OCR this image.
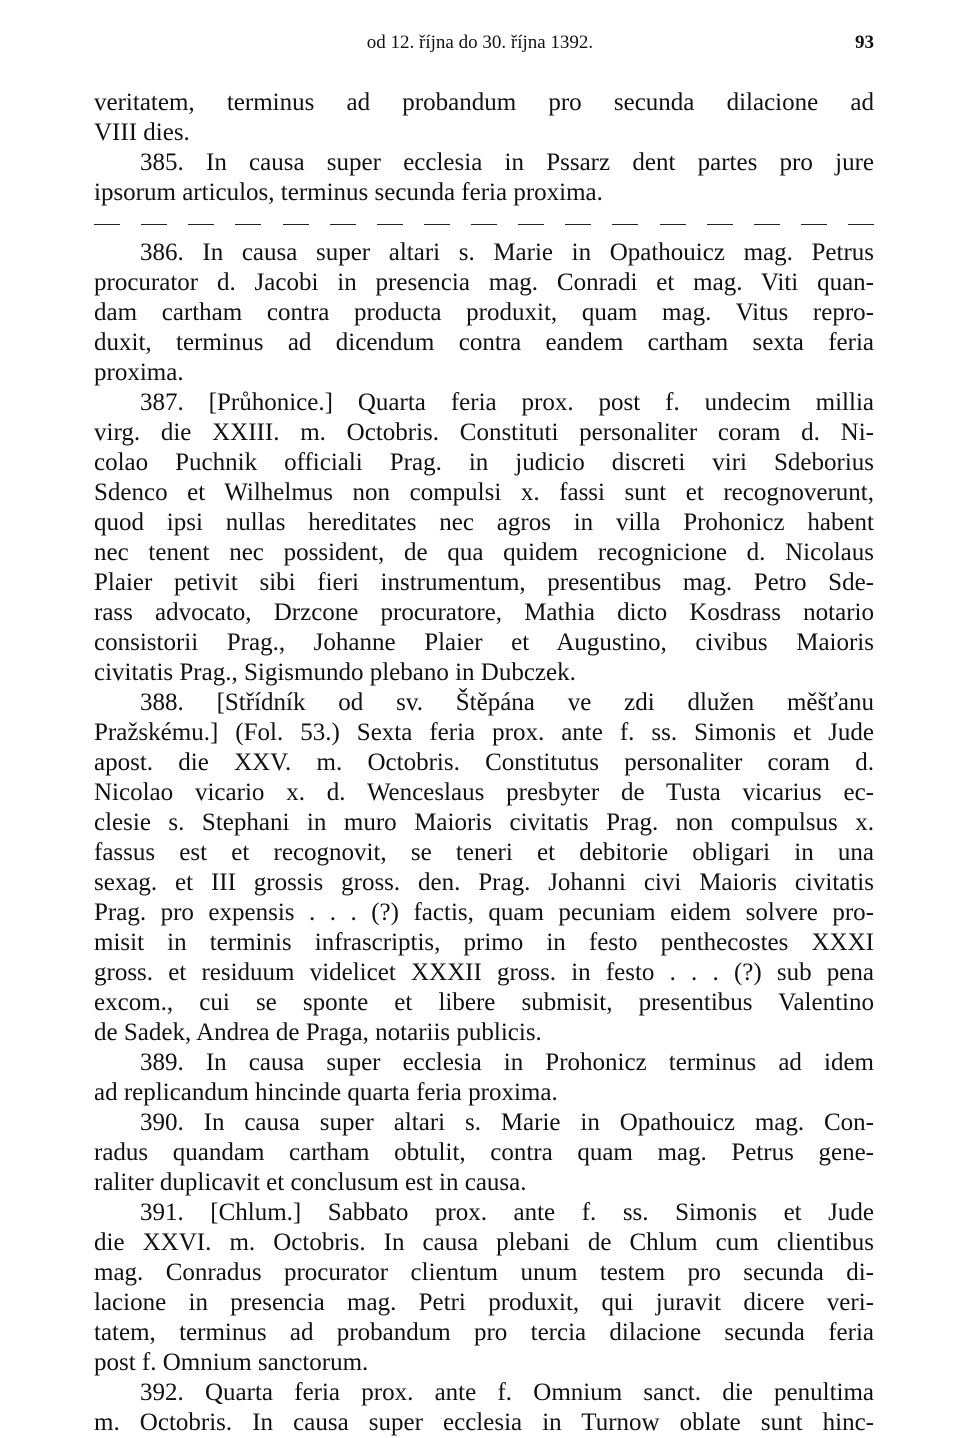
od 12. října do 30. října 1392.	93
veritatem, terminus ad probandum pro secunda dilacione ad
VIII dies.
385. In causa super ecclesia in Pssarz dent partes pro jure
ipsorum articulos, terminus secunda feria proxima.
386. In causa super altari s. Marie in Opathouicz mag. Petrus
procurator d. Jacobi in presencia mag. Conradi et mag. Viti quan-
dam cartham contra producta produxit, quam mag. Vitus repro-
duxit, terminus ad dicendum contra eandem cartham sexta feria
proxima.
387. [Průhonice.] Quarta feria prox. post f. undecim millia
virg. die XXIII. m. Octobris. Constituti personaliter coram d. Ni-
colao Puchnik officiali Prag. in judicio discreti viri Sdeborius
Sdenco et Wilhelmus non compulsi x. fassi sunt et recognoverunt,
quod ipsi nullas hereditates nec agros in villa Prohonicz habent
nec tenent nec possident, de qua quidem recognicione d. Nicolaus
Plaier petivit sibi fieri instrumentum, presentibus mag. Petro Sde-
rass advocato, Drzcone procuratore, Mathia dicto Kosdrass notario
consistorii Prag., Johanne Plaier et Augustino, civibus Maioris
civitatis Prag., Sigismundo plebano in Dubczek.
388. [Střídník od sv. Štěpána ve zdi dlužen měšťanu
Pražskému.] (Fol. 53.) Sexta feria prox. ante f. ss. Simonis et Jude
apost. die XXV. m. Octobris. Constitutus personaliter coram d.
Nicolao vicario x. d. Wenceslaus presbyter de Tusta vicarius ec-
clesie s. Stephani in muro Maioris civitatis Prag. non compulsus x.
fassus est et recognovit, se teneri et debitorie obligari in una
sexag. et III grossis gross. den. Prag. Johanni civi Maioris civitatis
Prag. pro expensis . . . (?) factis, quam pecuniam eidem solvere pro-
misit in terminis infrascriptis, primo in festo penthecostes XXXI
gross. et residuum videlicet XXXII gross. in festo . . . (?) sub pena
excom., cui se sponte et libere submisit, presentibus Valentino
de Sadek, Andrea de Praga, notariis publicis.
389. In causa super ecclesia in Prohonicz terminus ad idem
ad replicandum hincinde quarta feria proxima.
390. In causa super altari s. Marie in Opathouicz mag. Con-
radus quandam cartham obtulit, contra quam mag. Petrus gene-
raliter duplicavit et conclusum est in causa.
391. [Chlum.] Sabbato prox. ante f. ss. Simonis et Jude
die XXVI. m. Octobris. In causa plebani de Chlum cum clientibus
mag. Conradus procurator clientum unum testem pro secunda di-
lacione in presencia mag. Petri produxit, qui juravit dicere veri-
tatem, terminus ad probandum pro tercia dilacione secunda feria
post f. Omnium sanctorum.
392. Quarta feria prox. ante f. Omnium sanct. die penultima
m. Octobris. In causa super ecclesia in Turnow oblate sunt hinc-
